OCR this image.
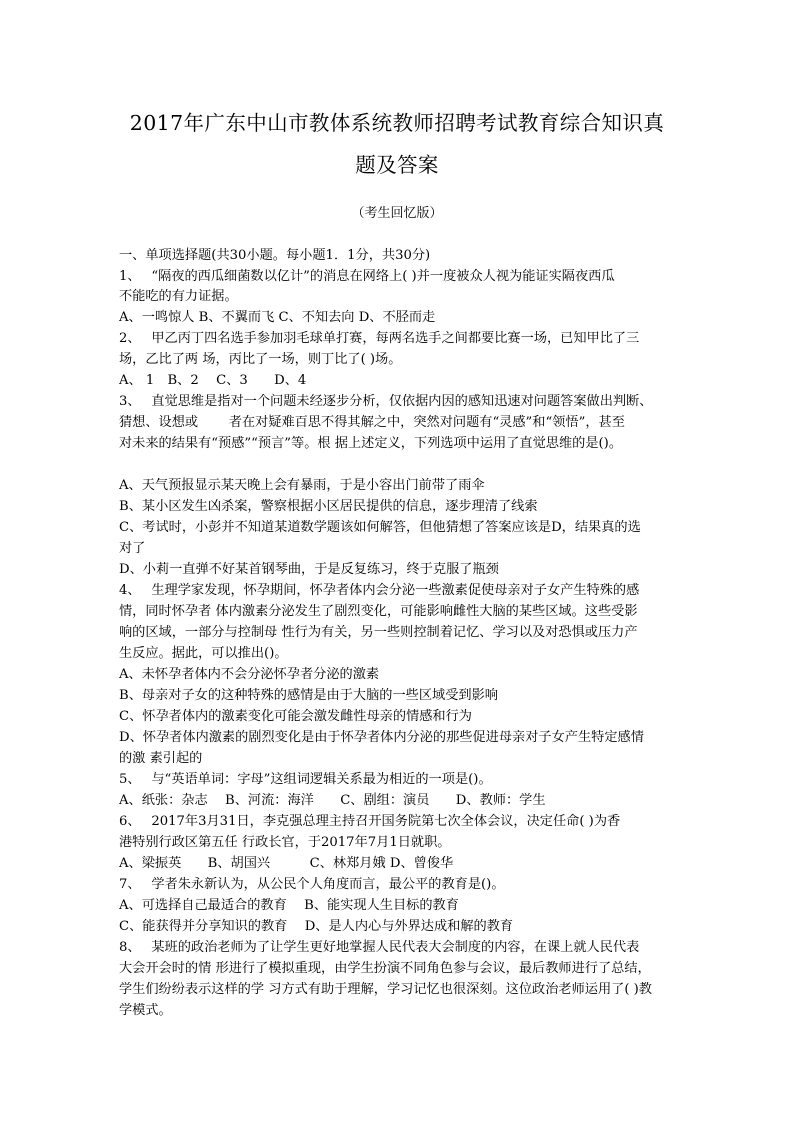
2017年广东中山市教体系统教师招聘考试教育综合知识真
题及答案
（考生回忆版）
一、单项选择题(共30小题。每小题1．1分，共30分)
1、　 “隔夜的西瓜细菌数以亿计”的消息在网络上( )并一度被众人视为能证实隔夜西瓜
不能吃的有力证据。
A、一鸣惊人 B、不翼而飞 C、不知去向 D、不胫而走
2、　 甲乙丙丁四名选手参加羽毛球单打赛，每两名选手之间都要比赛一场，已知甲比了三
场，乙比了两 场，丙比了一场，则丁比了( )场。
A、 1　B、2　 C、3　　D、4
3、　 直觉思维是指对一个问题未经逐步分析，仅依据内因的感知迅速对问题答案做出判断、
猜想、设想或　　 者在对疑难百思不得其解之中，突然对问题有“灵感”和“领悟”，甚至
对未来的结果有“预感”“预言”等。根 据上述定义，下列选项中运用了直觉思维的是()。
A、天气预报显示某天晚上会有暴雨，于是小容出门前带了雨伞
B、某小区发生凶杀案，警察根据小区居民提供的信息，逐步理清了线索
C、考试时，小彭并不知道某道数学题该如何解答，但他猜想了答案应该是D，结果真的选
对了
D、小莉一直弹不好某首钢琴曲，于是反复练习，终于克服了瓶颈
4、　 生理学家发现，怀孕期间，怀孕者体内会分泌一些激素促使母亲对子女产生特殊的感
情，同时怀孕者 体内激素分泌发生了剧烈变化，可能影响雌性大脑的某些区域。这些受影
响的区域，一部分与控制母 性行为有关，另一些则控制着记忆、学习以及对恐惧或压力产
生反应。据此，可以推出()。
A、未怀孕者体内不会分泌怀孕者分泌的激素
B、母亲对子女的这种特殊的感情是由于大脑的一些区域受到影响
C、怀孕者体内的激素变化可能会激发雌性母亲的情感和行为
D、怀孕者体内激素的剧烈变化是由于怀孕者体内分泌的那些促进母亲对子女产生特定感情
的激 素引起的
5、　 与“英语单词：字母”这组词逻辑关系最为相近的一项是()。
A、纸张：杂志　 B、河流：海洋　　C、剧组：演员　　D、教师：学生
6、　 2017年3月31日，李克强总理主持召开国务院第七次全体会议，决定任命( )为香
港特别行政区第五任 行政长官，于2017年7月1日就职。
A、梁振英　　B、胡国兴　　　C、林郑月娥 D、曾俊华
7、　 学者朱永新认为，从公民个人角度而言，最公平的教育是()。
A、可选择自己最适合的教育　 B、能实现人生目标的教育
C、能获得并分享知识的教育　 D、是人内心与外界达成和解的教育
8、　 某班的政治老师为了让学生更好地掌握人民代表大会制度的内容，在课上就人民代表
大会开会时的情 形进行了模拟重现，由学生扮演不同角色参与会议，最后教师进行了总结，
学生们纷纷表示这样的学 习方式有助于理解，学习记忆也很深刻。这位政治老师运用了( )教
学模式。
